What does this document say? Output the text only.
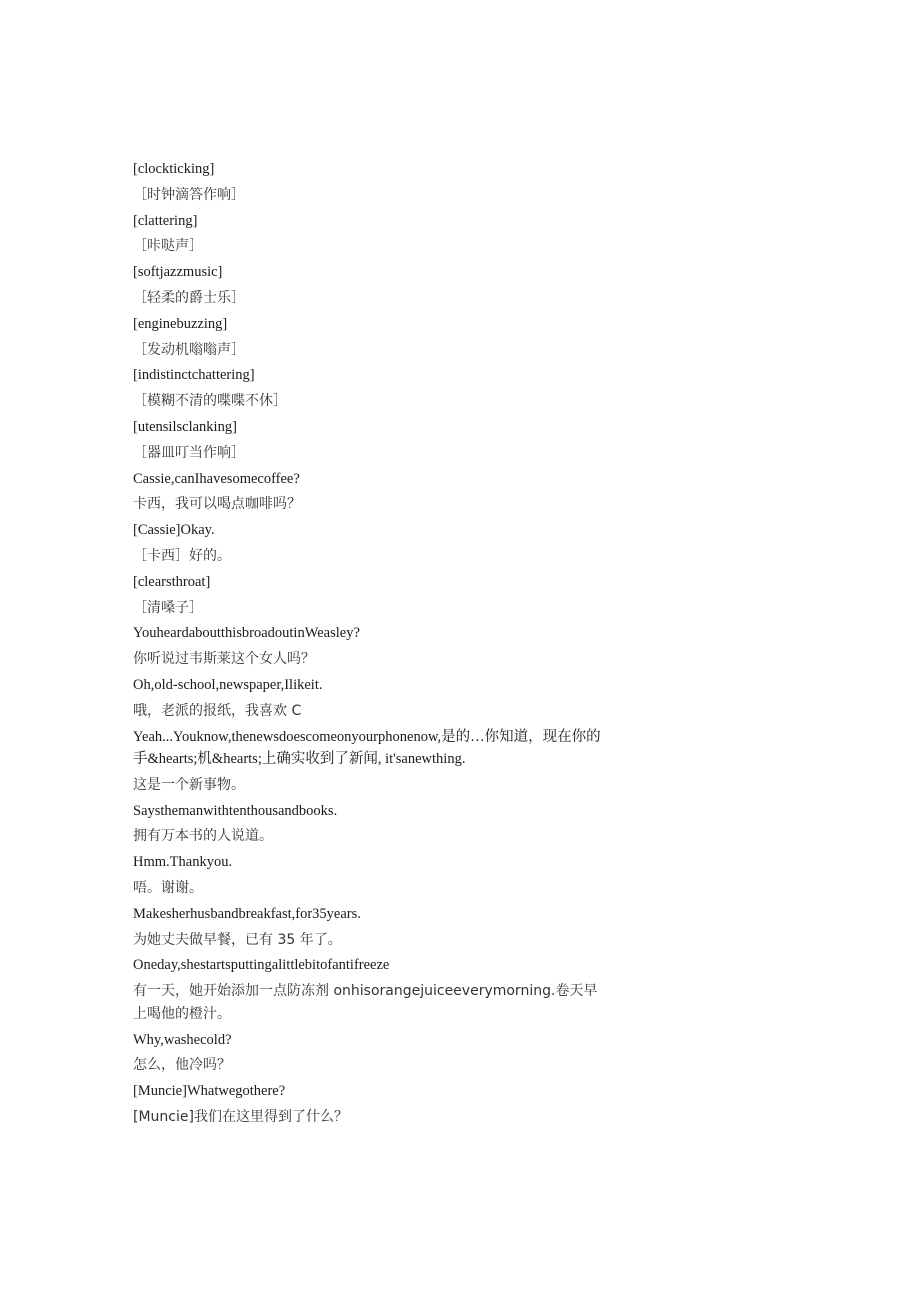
[clockticking]

［时钟滴答作响］

[clattering]

［咔哒声］

[softjazzmusic]

［轻柔的爵士乐］

[enginebuzzing]

［发动机嗡嗡声］

[indistinctchattering]

［模糊不清的喋喋不休］

[utensilsclanking]

［器皿叮当作响］

Cassie,canIhavesomecoffee?

卡西，我可以喝点咖啡吗？

[Cassie]Okay.

［卡西］好的。

[clearsthroat]

［清嗓子］

YouheardaboutthisbroadoutinWeasley?

你听说过韦斯莱这个女人吗？

Oh,old-school,newspaper,Ilikeit.

哦，老派的报纸，我喜欢 C

Yeah...Youknow,thenewsdoescomeonyourphonenow,是的…你知道，现在你的手&hearts;机&hearts;上确实收到了新闻, it'sanewthing.

这是一个新事物。

Saysthemanwithtenthousandbooks.

拥有万本书的人说道。

Hmm.Thankyou.

唔。谢谢。

Makesherhusbandbreakfast,for35years.

为她丈夫做早餐，已有 35 年了。

Oneday,shestartsputtingalittlebitofantifreeze

有一天，她开始添加一点防冻剂 onhisorangejuiceeverymorning.卷天早上喝他的橙汁。

Why,washecold?

怎么，他冷吗？

[Muncie]Whatwegothere?

[Muncie]我们在这里得到了什么？
